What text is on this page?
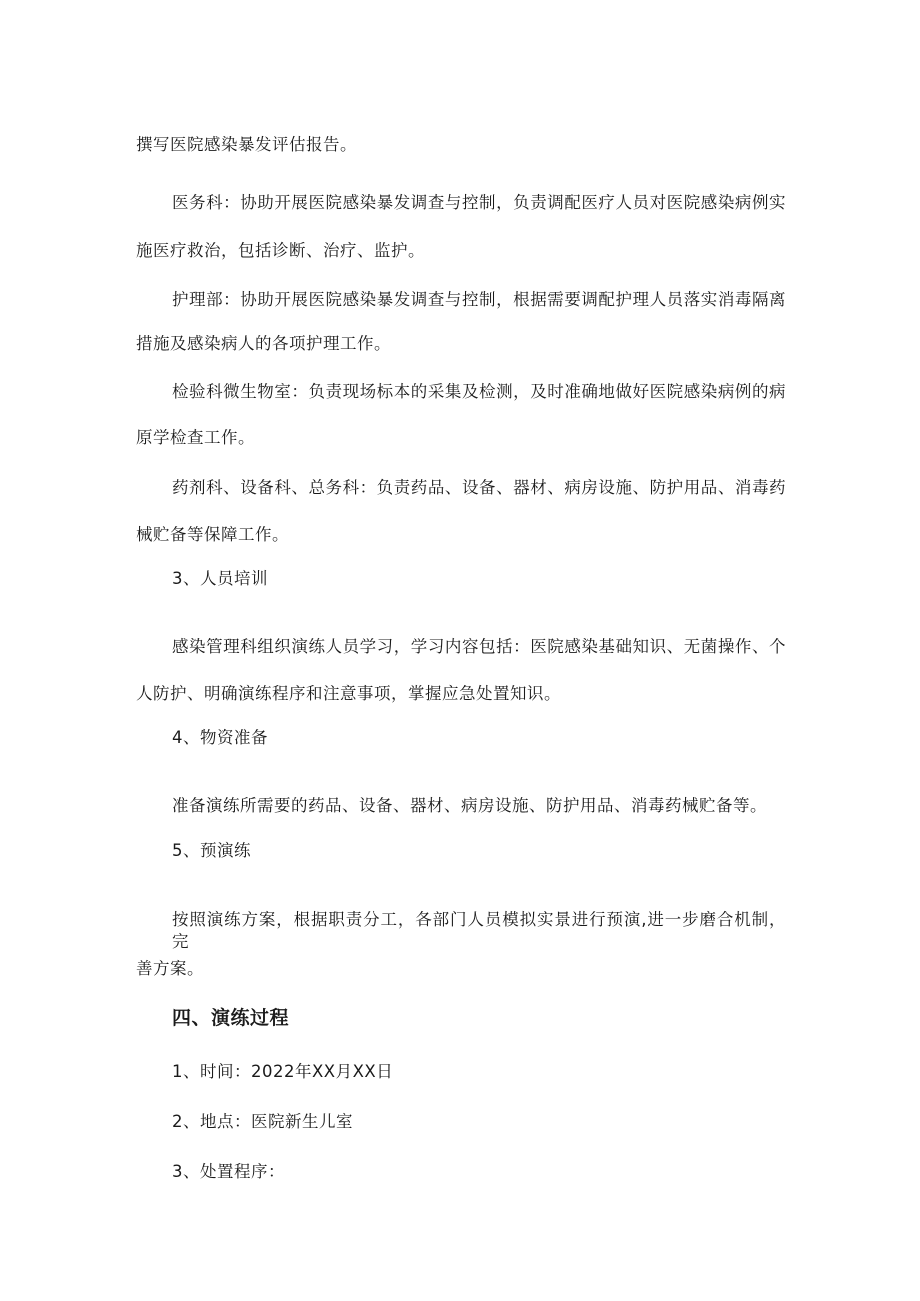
撰写医院感染暴发评估报告。
医务科：协助开展医院感染暴发调查与控制，负责调配医疗人员对医院感染病例实
施医疗救治，包括诊断、治疗、监护。
护理部：协助开展医院感染暴发调查与控制，根据需要调配护理人员落实消毒隔离
措施及感染病人的各项护理工作。
检验科微生物室：负责现场标本的采集及检测，及时准确地做好医院感染病例的病
原学检查工作。
药剂科、设备科、总务科：负责药品、设备、器材、病房设施、防护用品、消毒药
械贮备等保障工作。
3、人员培训
感染管理科组织演练人员学习，学习内容包括：医院感染基础知识、无菌操作、个
人防护、明确演练程序和注意事项，掌握应急处置知识。
4、物资准备
准备演练所需要的药品、设备、器材、病房设施、防护用品、消毒药械贮备等。
5、预演练
按照演练方案，根据职责分工，各部门人员模拟实景进行预演,进一步磨合机制，完
善方案。
四、演练过程
1、时间：2022年XX月XX日
2、地点：医院新生儿室
3、处置程序：
